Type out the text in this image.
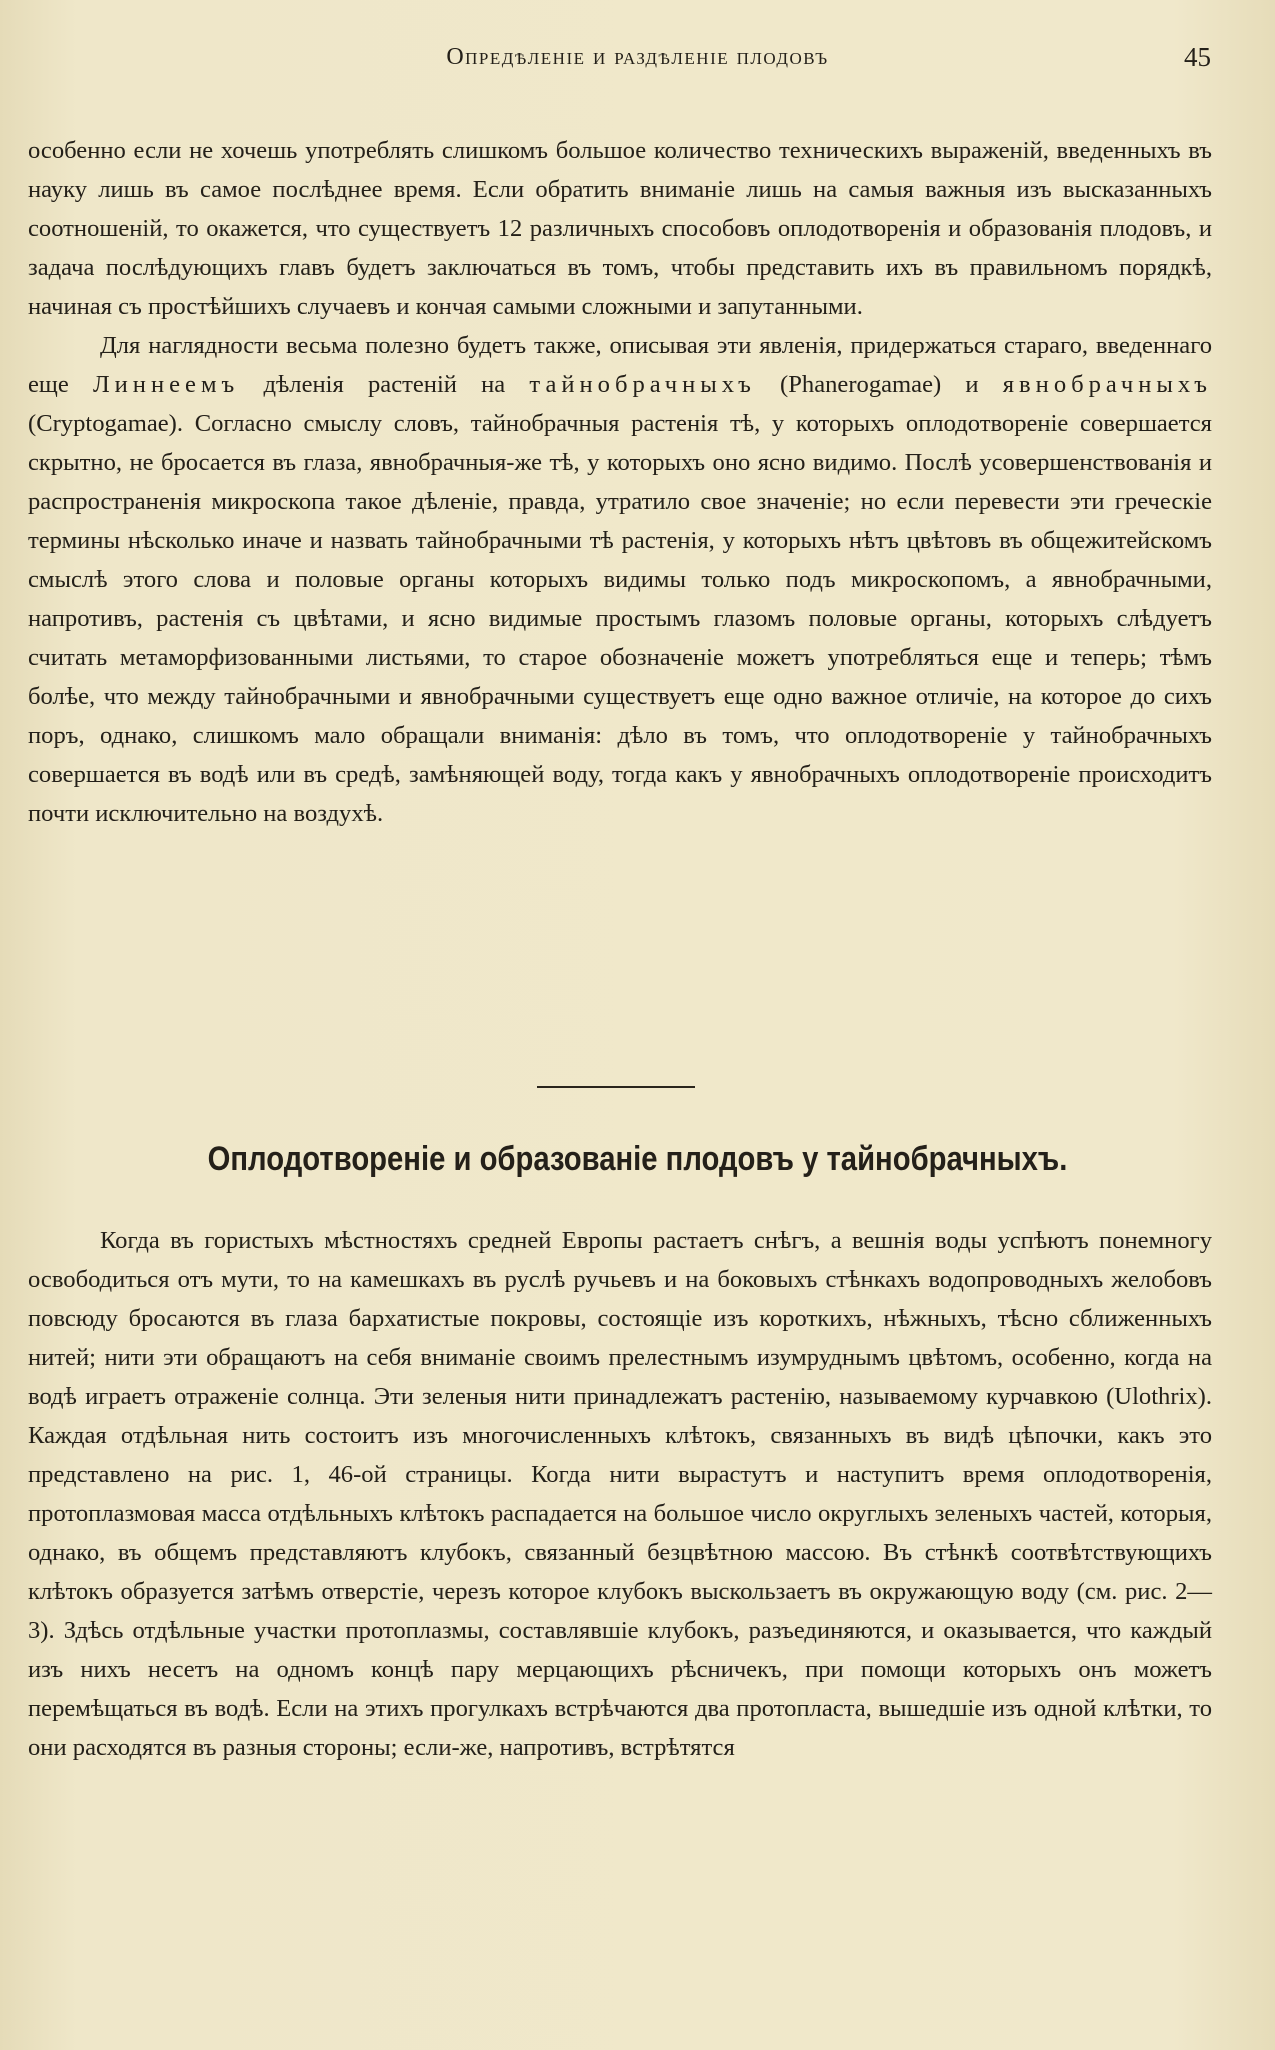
Опредѣленіе и раздѣленіе плодовъ	45

особенно если не хочешь употреблять слишкомъ большое количество техническихъ выраженій, введенныхъ въ науку лишь въ самое послѣднее время. Если обратить вниманіе лишь на самыя важныя изъ высказанныхъ соотношеній, то окажется, что существуетъ 12 различныхъ способовъ оплодотворенія и образованія плодовъ, и задача послѣдующихъ главъ будетъ заключаться въ томъ, чтобы представить ихъ въ правильномъ порядкѣ, начиная съ простѣйшихъ случаевъ и кончая самыми сложными и запутанными.

Для наглядности весьма полезно будетъ также, описывая эти явленія, придержаться стараго, введеннаго еще Линнеемъ дѣленія растеній на тайнобрачныхъ (Phanerogamae) и явнобрачныхъ (Cryptogamae). Согласно смыслу словъ, тайнобрачныя растенія тѣ, у которыхъ оплодотвореніе совершается скрытно, не бросается въ глаза, явнобрачныя-же тѣ, у которыхъ оно ясно видимо. Послѣ усовершенствованія и распространенія микроскопа такое дѣленіе, правда, утратило свое значеніе; но если перевести эти греческіе термины нѣсколько иначе и назвать тайнобрачными тѣ растенія, у которыхъ нѣтъ цвѣтовъ въ общежитейскомъ смыслѣ этого слова и половые органы которыхъ видимы только подъ микроскопомъ, а явнобрачными, напротивъ, растенія съ цвѣтами, и ясно видимые простымъ глазомъ половые органы, которыхъ слѣдуетъ считать метаморфизованными листьями, то старое обозначеніе можетъ употребляться еще и теперь; тѣмъ болѣе, что между тайнобрачными и явнобрачными существуетъ еще одно важное отличіе, на которое до сихъ поръ, однако, слишкомъ мало обращали вниманія: дѣло въ томъ, что оплодотвореніе у тайнобрачныхъ совершается въ водѣ или въ средѣ, замѣняющей воду, тогда какъ у явнобрачныхъ оплодотвореніе происходитъ почти исключительно на воздухѣ.

Оплодотвореніе и образованіе плодовъ у тайнобрачныхъ.

Когда въ гористыхъ мѣстностяхъ средней Европы растаетъ снѣгъ, а вешнія воды успѣютъ понемногу освободиться отъ мути, то на камешкахъ въ руслѣ ручьевъ и на боковыхъ стѣнкахъ водопроводныхъ желобовъ повсюду бросаются въ глаза бархатистые покровы, состоящіе изъ короткихъ, нѣжныхъ, тѣсно сближенныхъ нитей; нити эти обращаютъ на себя вниманіе своимъ прелестнымъ изумруднымъ цвѣтомъ, особенно, когда на водѣ играетъ отраженіе солнца. Эти зеленыя нити принадлежатъ растенію, называемому курчавкою (Ulothrix). Каждая отдѣльная нить состоитъ изъ многочисленныхъ клѣтокъ, связанныхъ въ видѣ цѣпочки, какъ это представлено на рис. 1, 46-ой страницы. Когда нити вырастутъ и наступитъ время оплодотворенія, протоплазмовая масса отдѣльныхъ клѣтокъ распадается на большое число округлыхъ зеленыхъ частей, которыя, однако, въ общемъ представляютъ клубокъ, связанный безцвѣтною массою. Въ стѣнкѣ соотвѣтствующихъ клѣтокъ образуется затѣмъ отверстіе, черезъ которое клубокъ выскользаетъ въ окружающую воду (см. рис. 2—3). Здѣсь отдѣльные участки протоплазмы, составлявшіе клубокъ, разъединяются, и оказывается, что каждый изъ нихъ несетъ на одномъ концѣ пару мерцающихъ рѣсничекъ, при помощи которыхъ онъ можетъ перемѣщаться въ водѣ. Если на этихъ прогулкахъ встрѣчаются два протопласта, вышедшіе изъ одной клѣтки, то они расходятся въ разныя стороны; если-же, напротивъ, встрѣтятся
